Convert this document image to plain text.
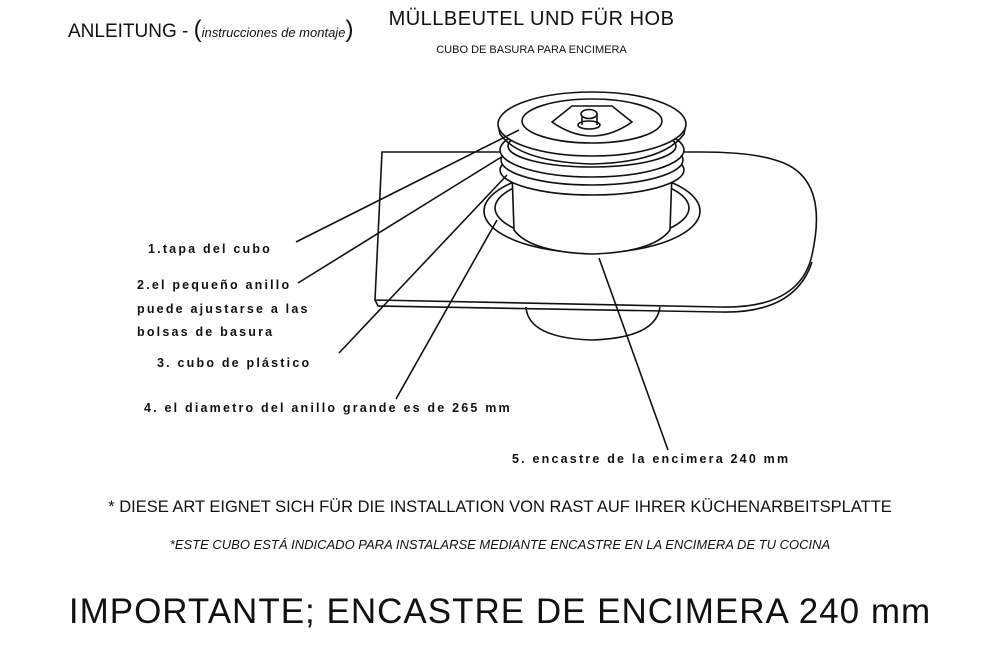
ANLEITUNG - (instrucciones de montaje)	MÜLLBEUTEL UND FÜR HOB
CUBO DE BASURA PARA ENCIMERA
1.tapa del cubo
2.el pequeño anillo
puede ajustarse a las
bolsas de basura
3. cubo de plástico
4. el diametro del anillo grande es de 265 mm
5. encastre de la encimera 240 mm
* DIESE ART EIGNET SICH FÜR DIE INSTALLATION VON RAST AUF IHRER KÜCHENARBEITSPLATTE
*ESTE CUBO ESTÁ INDICADO PARA INSTALARSE MEDIANTE ENCASTRE EN LA ENCIMERA DE TU COCINA
IMPORTANTE; ENCASTRE DE ENCIMERA 240 mm
